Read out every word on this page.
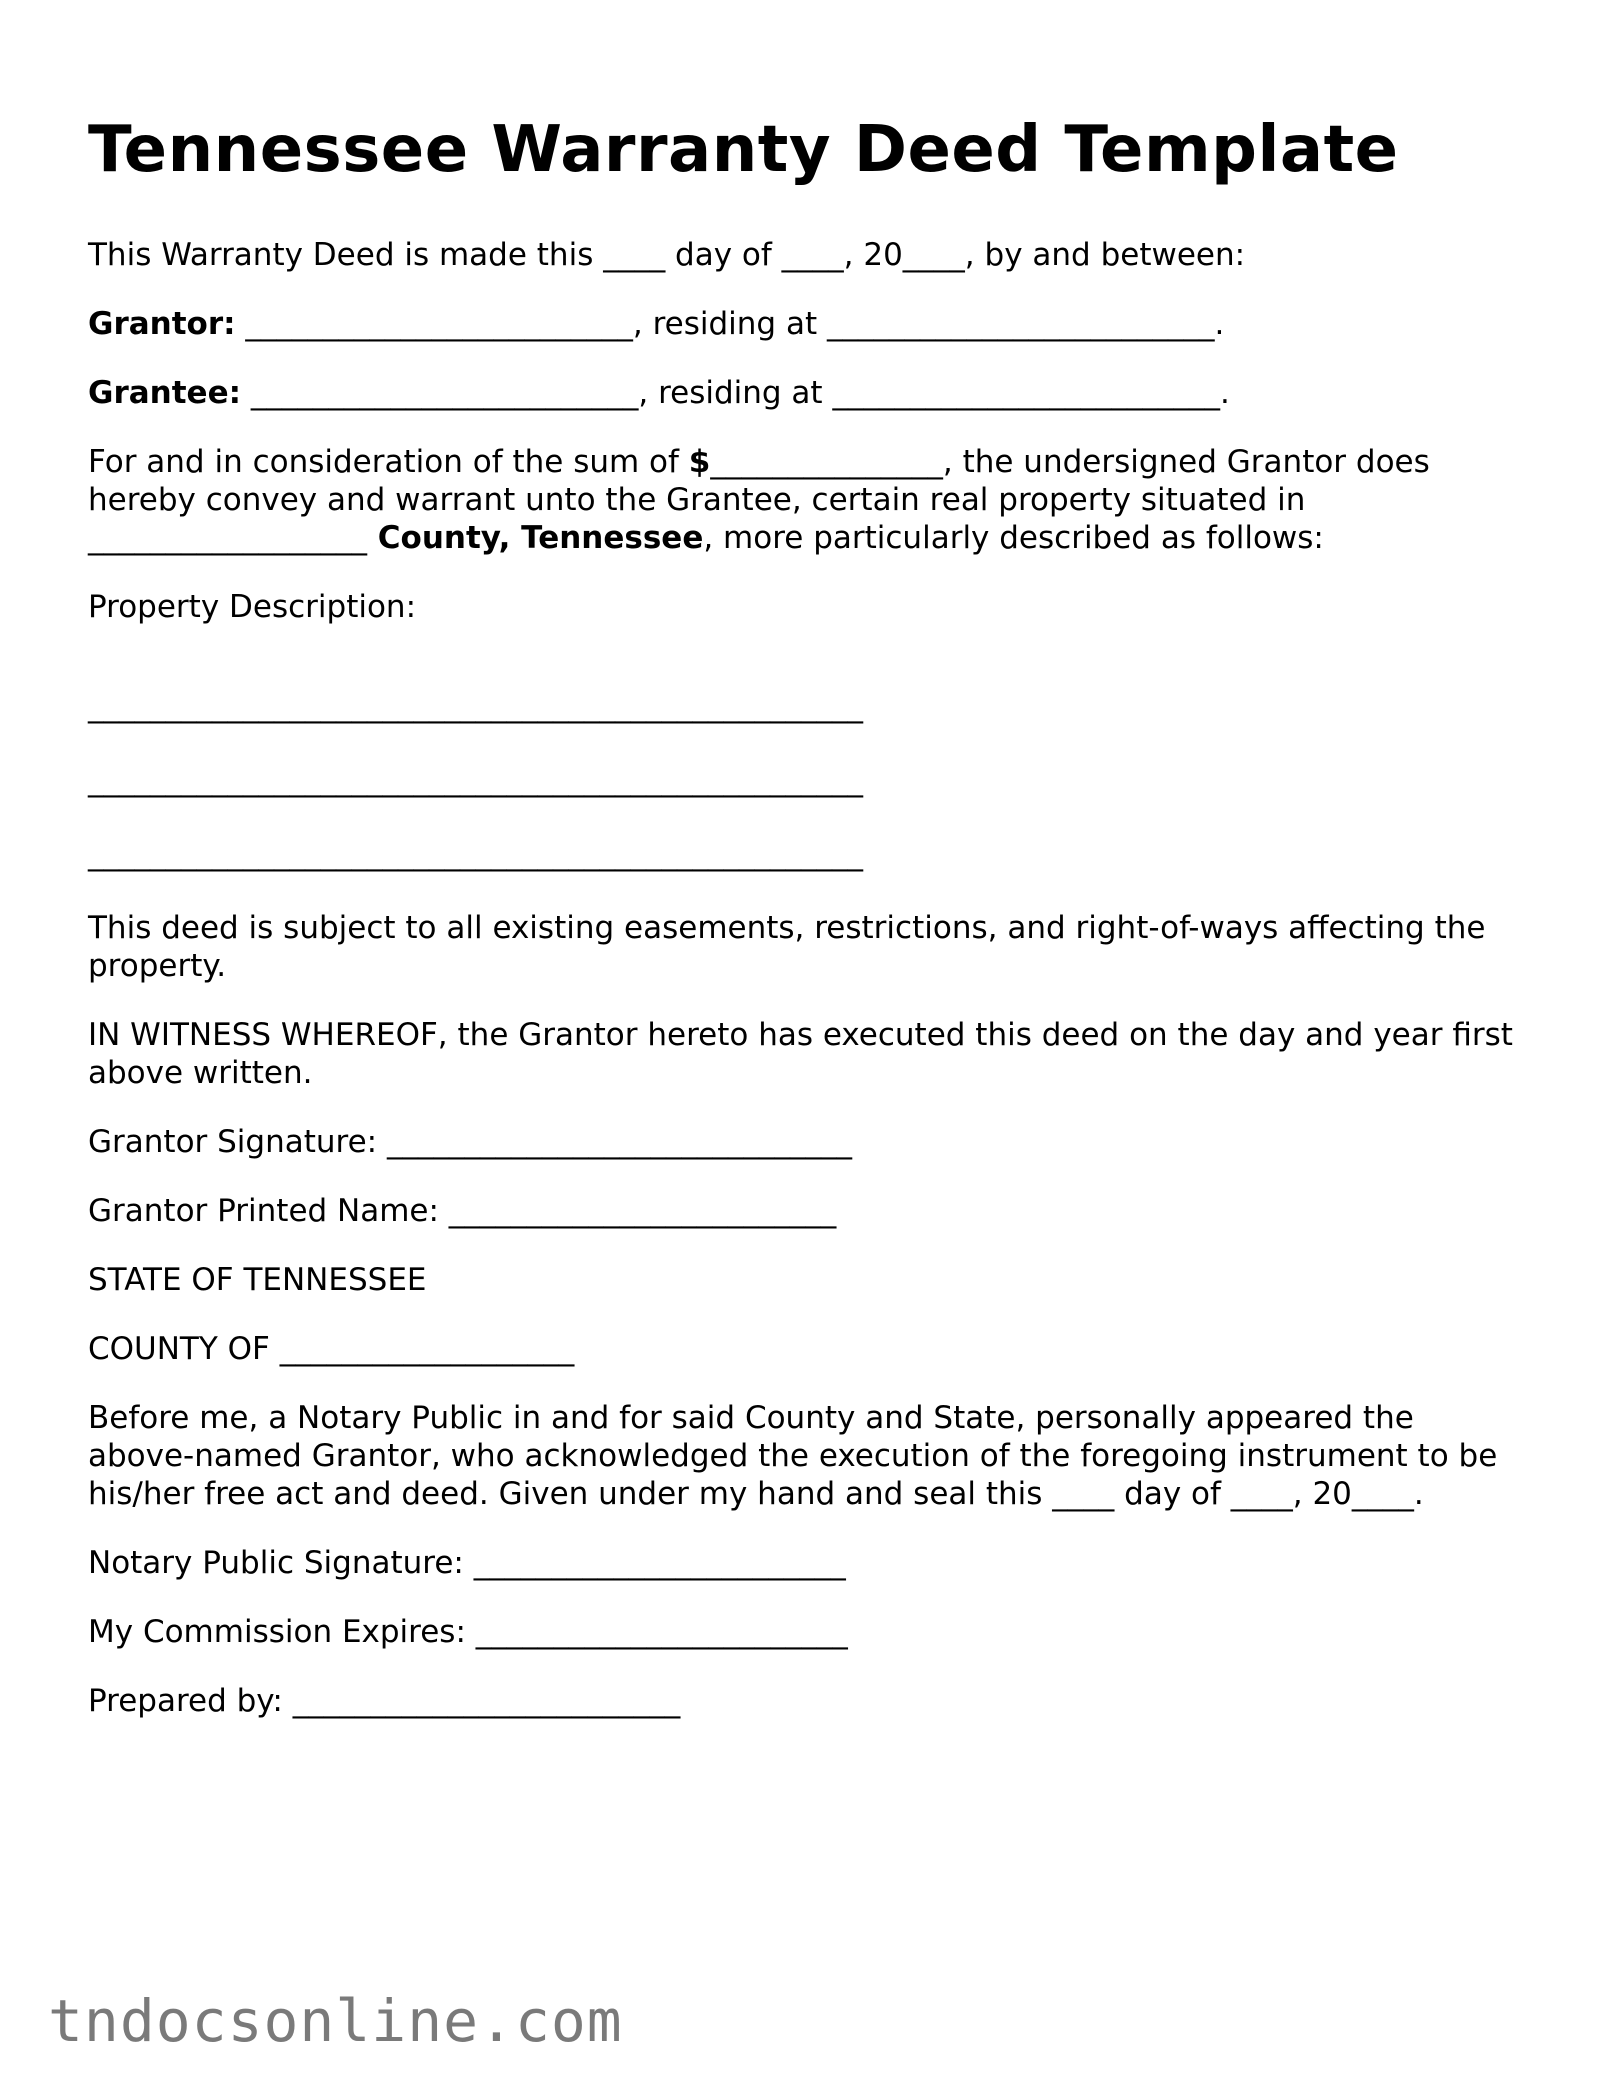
Tennessee Warranty Deed Template

This Warranty Deed is made this ____ day of ____, 20____, by and between:

Grantor: _________________________, residing at _________________________.

Grantee: _________________________, residing at _________________________.

For and in consideration of the sum of $_______________, the undersigned Grantor does hereby convey and warrant unto the Grantee, certain real property situated in __________________ County, Tennessee, more particularly described as follows:

Property Description:

__________________________________________________
__________________________________________________
__________________________________________________

This deed is subject to all existing easements, restrictions, and right-of-ways affecting the property.

IN WITNESS WHEREOF, the Grantor hereto has executed this deed on the day and year first above written.

Grantor Signature: ______________________________

Grantor Printed Name: _________________________

STATE OF TENNESSEE

COUNTY OF ___________________

Before me, a Notary Public in and for said County and State, personally appeared the above-named Grantor, who acknowledged the execution of the foregoing instrument to be his/her free act and deed. Given under my hand and seal this ____ day of ____, 20____.

Notary Public Signature: ________________________

My Commission Expires: ________________________

Prepared by: _________________________

tndocsonline.com
